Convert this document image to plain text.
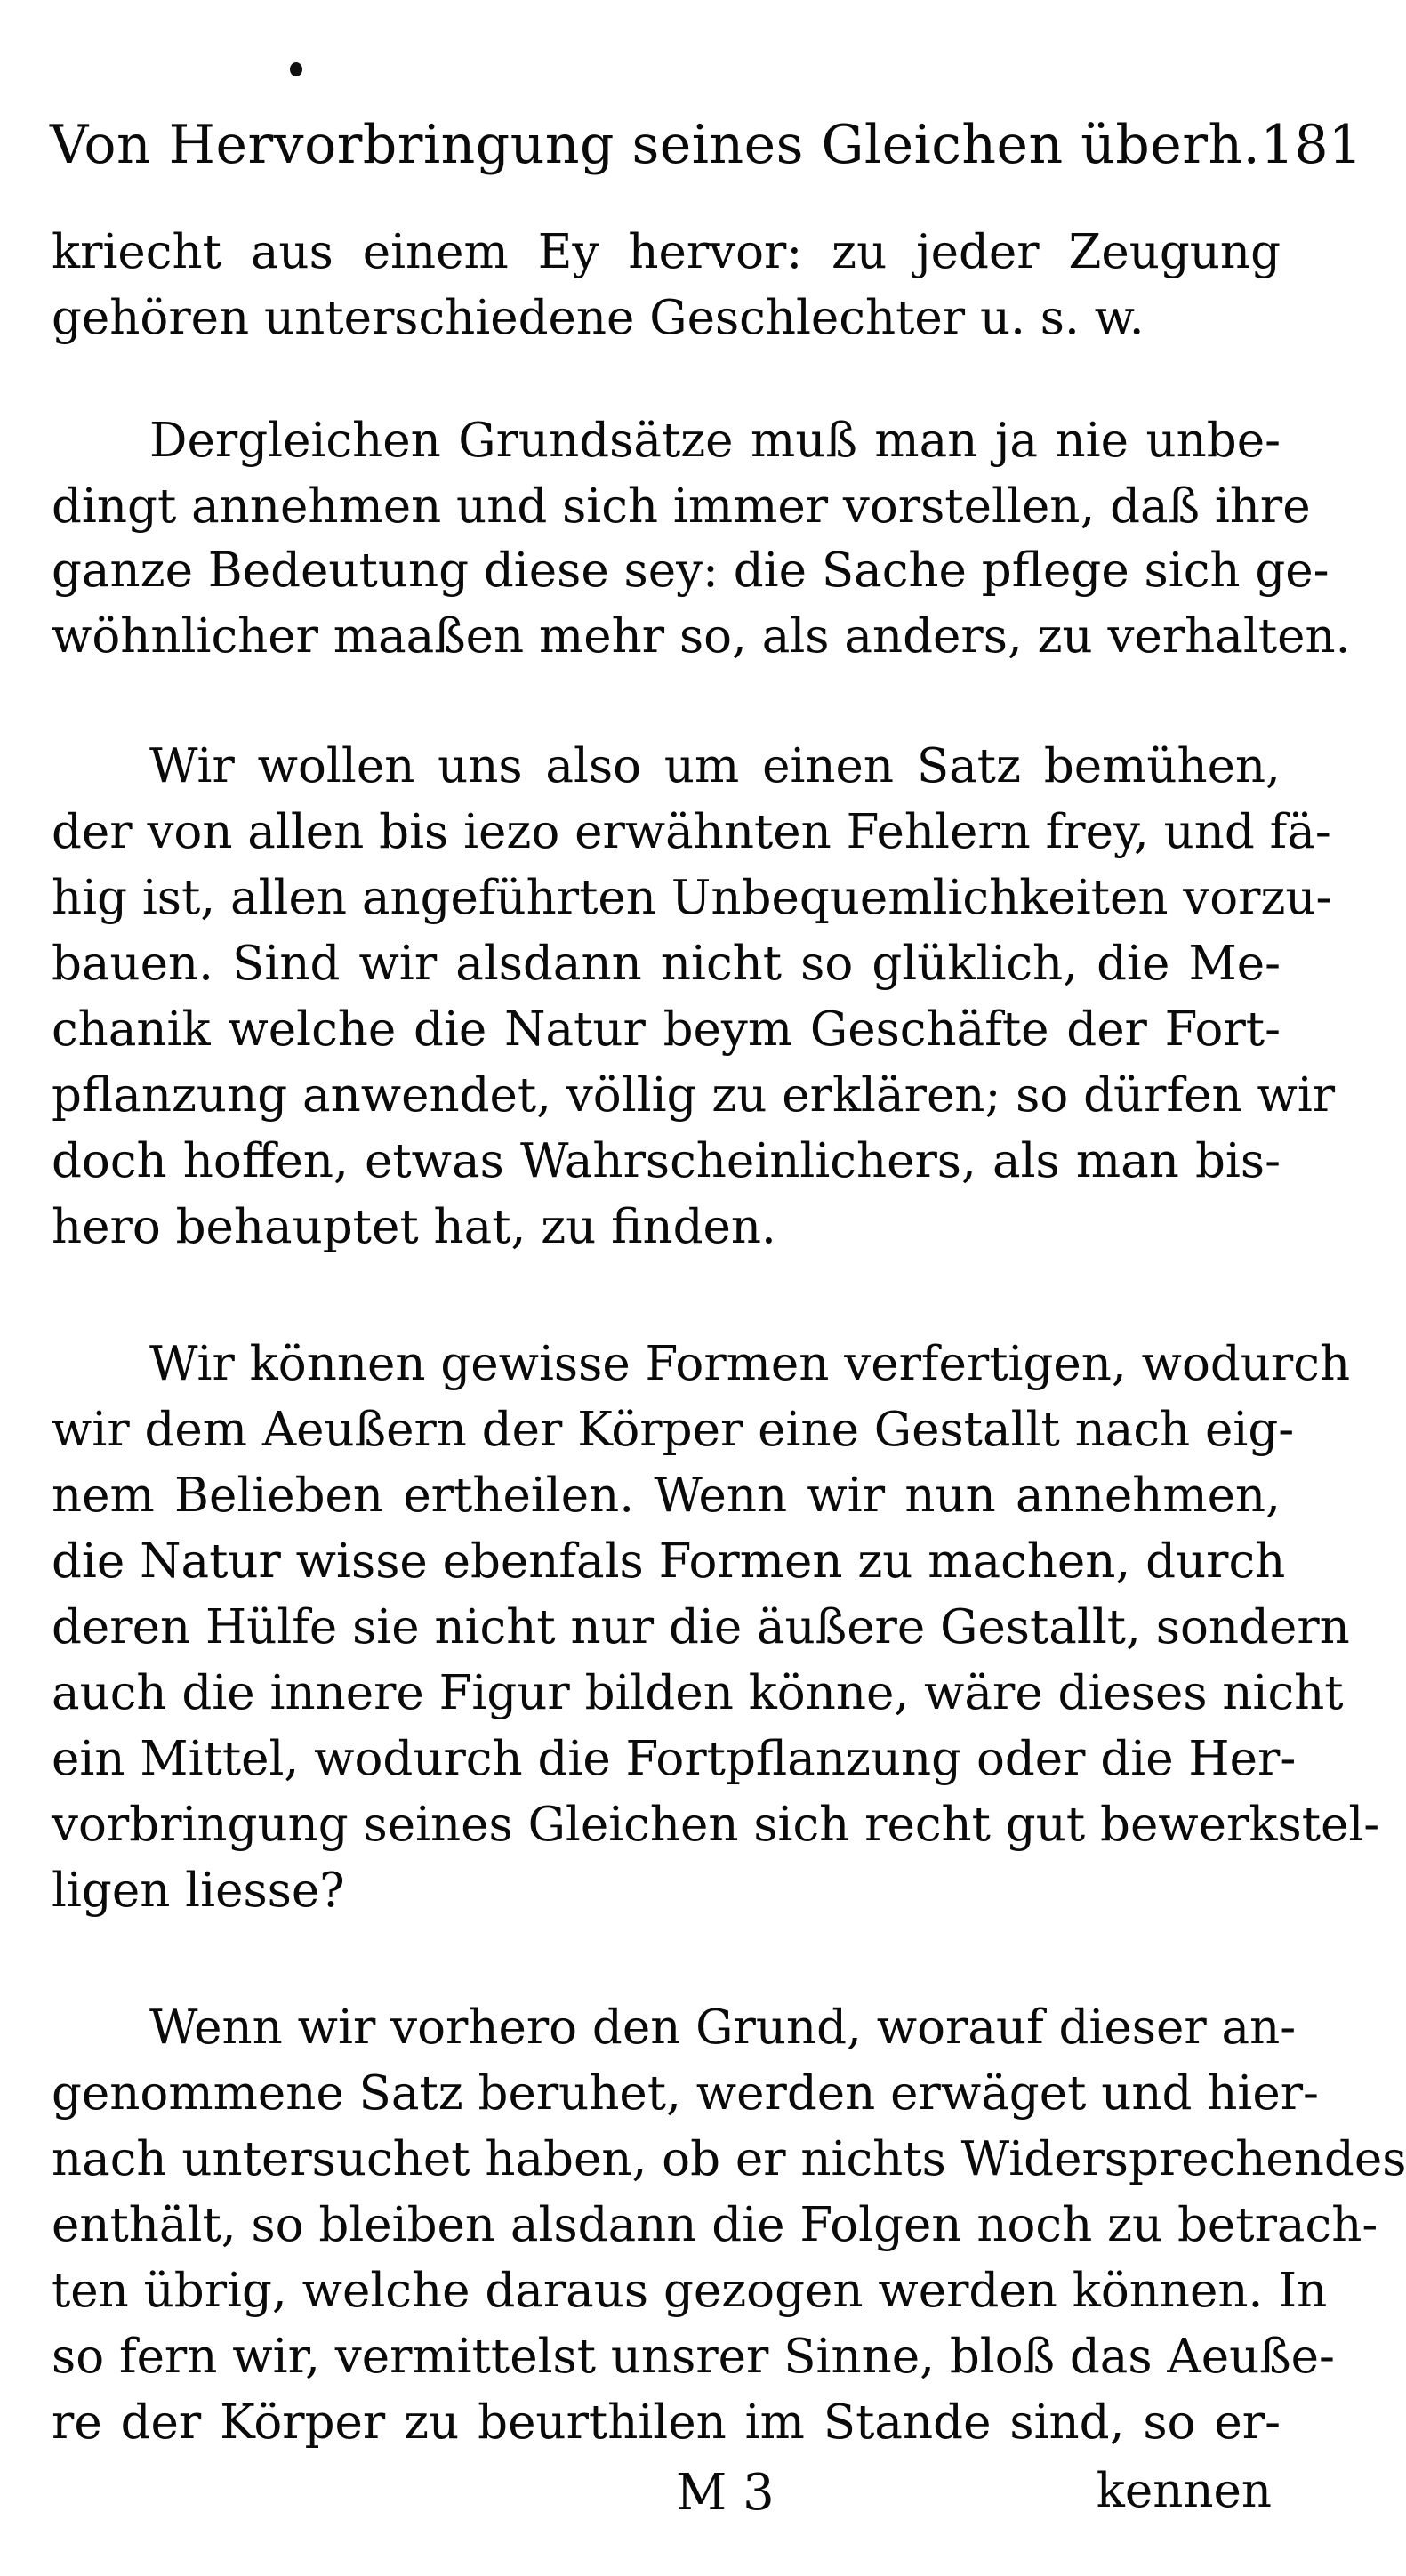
Von Hervorbringung seines Gleichen überh. 181
kriecht aus einem Ey hervor: zu jeder Zeugung
gehören unterschiedene Geschlechter u. s. w.
Dergleichen Grundsätze muß man ja nie unbe-
dingt annehmen und sich immer vorstellen, daß ihre
ganze Bedeutung diese sey: die Sache pflege sich ge-
wöhnlicher maaßen mehr so, als anders, zu verhalten.
Wir wollen uns also um einen Satz bemühen,
der von allen bis iezo erwähnten Fehlern frey, und fä-
hig ist, allen angeführten Unbequemlichkeiten vorzu-
bauen. Sind wir alsdann nicht so glüklich, die Me-
chanik welche die Natur beym Geschäfte der Fort-
pflanzung anwendet, völlig zu erklären; so dürfen wir
doch hoffen, etwas Wahrscheinlichers, als man bis-
hero behauptet hat, zu finden.
Wir können gewisse Formen verfertigen, wodurch
wir dem Aeußern der Körper eine Gestallt nach eig-
nem Belieben ertheilen. Wenn wir nun annehmen,
die Natur wisse ebenfals Formen zu machen, durch
deren Hülfe sie nicht nur die äußere Gestallt, sondern
auch die innere Figur bilden könne, wäre dieses nicht
ein Mittel, wodurch die Fortpflanzung oder die Her-
vorbringung seines Gleichen sich recht gut bewerkstel-
ligen liesse?
Wenn wir vorhero den Grund, worauf dieser an-
genommene Satz beruhet, werden erwäget und hier-
nach untersuchet haben, ob er nichts Widersprechendes
enthält, so bleiben alsdann die Folgen noch zu betrach-
ten übrig, welche daraus gezogen werden können. In
so fern wir, vermittelst unsrer Sinne, bloß das Aeuße-
re der Körper zu beurthilen im Stande sind, so er-
M 3	kennen
